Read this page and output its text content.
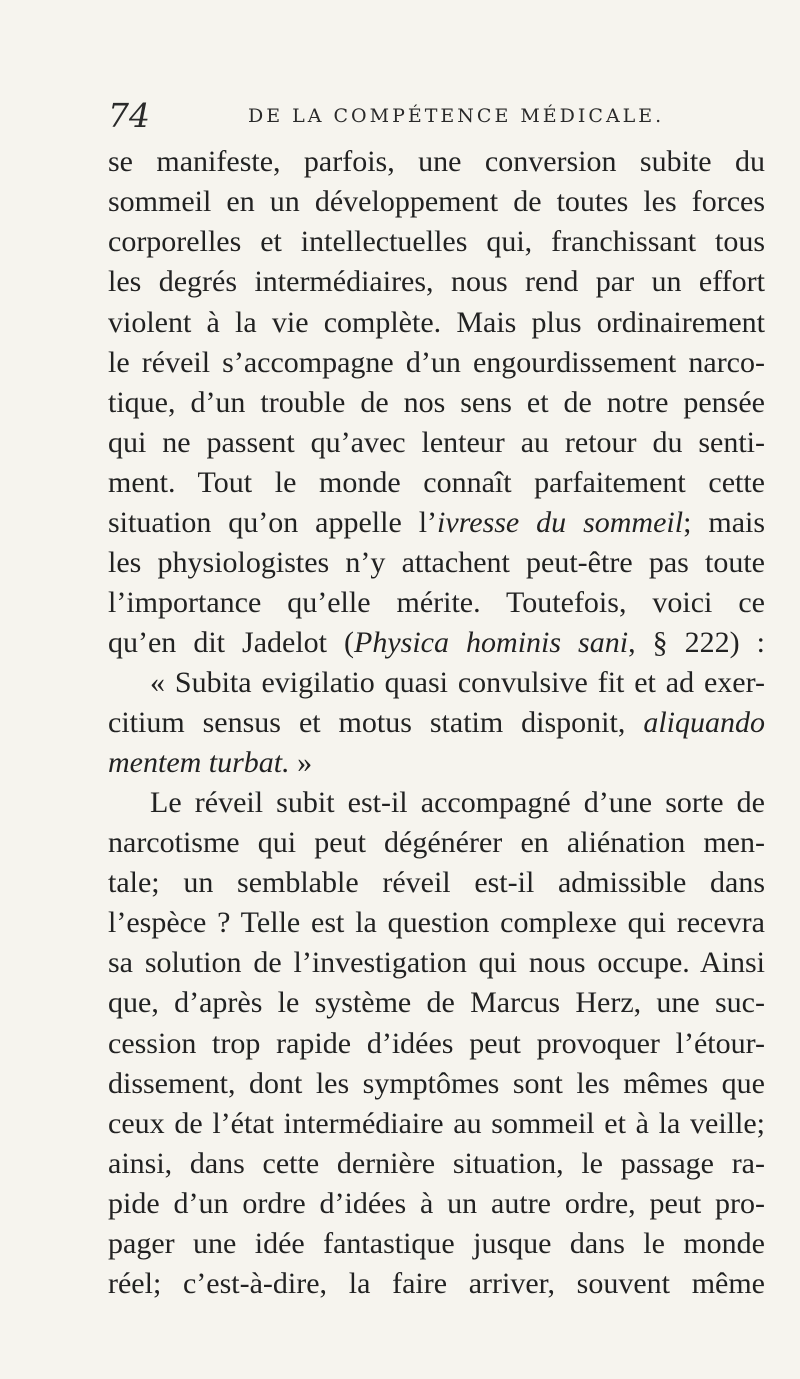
74	DE LA COMPÉTENCE MÉDICALE.
se manifeste, parfois, une conversion subite du
sommeil en un développement de toutes les forces
corporelles et intellectuelles qui, franchissant tous
les degrés intermédiaires, nous rend par un effort
violent à la vie complète. Mais plus ordinairement
le réveil s’accompagne d’un engourdissement narco-
tique, d’un trouble de nos sens et de notre pensée
qui ne passent qu’avec lenteur au retour du senti-
ment. Tout le monde connaît parfaitement cette
situation qu’on appelle l’ivresse du sommeil; mais
les physiologistes n’y attachent peut-être pas toute
l’importance qu’elle mérite. Toutefois, voici ce
qu’en dit Jadelot (Physica hominis sani, § 222) :
« Subita evigilatio quasi convulsive fit et ad exer-
citium sensus et motus statim disponit, aliquando
mentem turbat. »
Le réveil subit est-il accompagné d’une sorte de
narcotisme qui peut dégénérer en aliénation men-
tale; un semblable réveil est-il admissible dans
l’espèce ? Telle est la question complexe qui recevra
sa solution de l’investigation qui nous occupe. Ainsi
que, d’après le système de Marcus Herz, une suc-
cession trop rapide d’idées peut provoquer l’étour-
dissement, dont les symptômes sont les mêmes que
ceux de l’état intermédiaire au sommeil et à la veille;
ainsi, dans cette dernière situation, le passage ra-
pide d’un ordre d’idées à un autre ordre, peut pro-
pager une idée fantastique jusque dans le monde
réel; c’est-à-dire, la faire arriver, souvent même
